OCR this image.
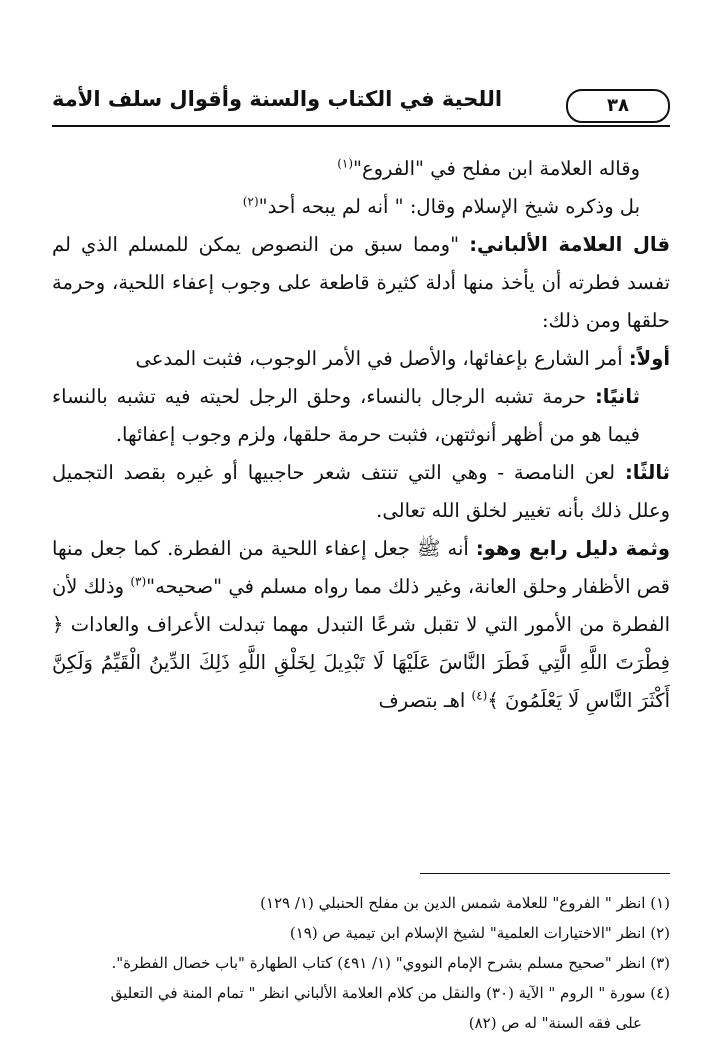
اللحية في الكتاب والسنة وأقوال سلف الأمة	٣٨

وقاله العلامة ابن مفلح في "الفروع"$^{(١)}$

بل وذكره شيخ الإسلام وقال: " أنه لم يبحه أحد"$^{(٢)}$

قال العلامة الألباني: "ومما سبق من النصوص يمكن للمسلم الذي لم تفسد فطرته أن يأخذ منها أدلة كثيرة قاطعة على وجوب إعفاء اللحية، وحرمة حلقها ومن ذلك:

أولاً: أمر الشارع بإعفائها، والأصل في الأمر الوجوب، فثبت المدعى

ثانيًا: حرمة تشبه الرجال بالنساء، وحلق الرجل لحيته فيه تشبه بالنساء فيما هو من أظهر أنوثتهن، فثبت حرمة حلقها، ولزم وجوب إعفائها.

ثالثًا: لعن النامصة - وهي التي تنتف شعر حاجبيها أو غيره بقصد التجميل وعلل ذلك بأنه تغيير لخلق الله تعالى.

وثمة دليل رابع وهو: أنه ﷺ جعل إعفاء اللحية من الفطرة. كما جعل منها قص الأظفار وحلق العانة، وغير ذلك مما رواه مسلم في "صحيحه"$^{(٣)}$ وذلك لأن الفطرة من الأمور التي لا تقبل شرعًا التبدل مهما تبدلت الأعراف والعادات ﴿ فِطْرَتَ اللَّهِ الَّتِي فَطَرَ النَّاسَ عَلَيْهَا لَا تَبْدِيلَ لِخَلْقِ اللَّهِ ذَلِكَ الدِّينُ الْقَيِّمُ وَلَكِنَّ أَكْثَرَ النَّاسِ لَا يَعْلَمُونَ ﴾$^{(٤)}$ اهـ بتصرف

(١) انظر " الفروع" للعلامة شمس الدين بن مفلح الحنبلي (١/ ١٢٩)

(٢) انظر "الاختيارات العلمية" لشيخ الإسلام ابن تيمية ص (١٩)

(٣) انظر "صحيح مسلم بشرح الإمام النووي" (١/ ٤٩١) كتاب الطهارة "باب خصال الفطرة".

(٤) سورة " الروم " الآية (٣٠) والنقل من كلام العلامة الألباني انظر " تمام المنة في التعليق

على فقه السنة" له ص (٨٢)
